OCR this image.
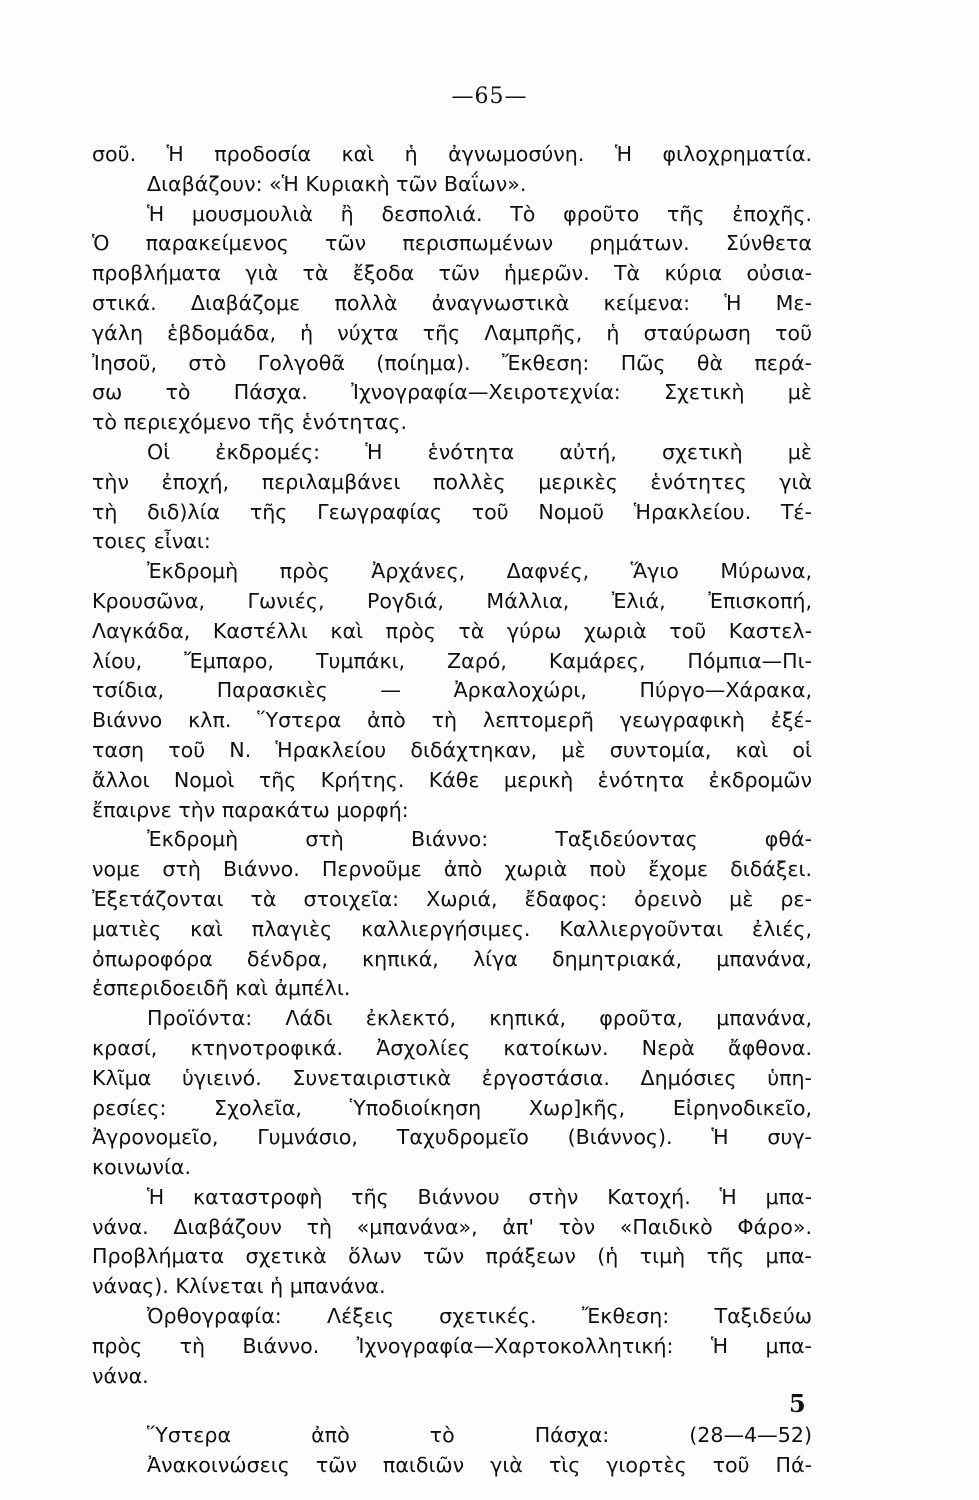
—65—
σοῦ. Ἡ προδοσία καὶ ἡ ἀγνωμοσύνη. Ἡ φιλοχρηματία.
Διαβάζουν: «Ἡ Κυριακὴ τῶν Βαΐων».
Ἡ μουσμουλιὰ ἢ δεσπολιά. Τὸ φροῦτο τῆς ἐποχῆς.
Ὁ παρακείμενος τῶν περισπωμένων ρημάτων. Σύνθετα
προβλήματα γιὰ τὰ ἔξοδα τῶν ἡμερῶν. Τὰ κύρια οὐσια-
στικά. Διαβάζομε πολλὰ ἀναγνωστικὰ κείμενα: Ἡ Με-
γάλη ἑβδομάδα, ἡ νύχτα τῆς Λαμπρῆς, ἡ σταύρωση τοῦ
Ἰησοῦ, στὸ Γολγοθᾶ (ποίημα). Ἔκθεση: Πῶς θὰ περά-
σω τὸ Πάσχα. Ἰχνογραφία—Χειροτεχνία: Σχετικὴ μὲ
τὸ περιεχόμενο τῆς ἑνότητας.
Οἱ ἐκδρομές: Ἡ ἑνότητα αὐτή, σχετικὴ μὲ
τὴν ἐποχή, περιλαμβάνει πολλὲς μερικὲς ἑνότητες γιὰ
τὴ διδ)λία τῆς Γεωγραφίας τοῦ Νομοῦ Ἡρακλείου. Τέ-
τοιες εἶναι:
Ἐκδρομὴ πρὸς Ἀρχάνες, Δαφνές, Ἅγιο Μύρωνα,
Κρουσῶνα, Γωνιές, Ρογδιά, Μάλλια, Ἐλιά, Ἐπισκοπή,
Λαγκάδα, Καστέλλι καὶ πρὸς τὰ γύρω χωριὰ τοῦ Καστελ-
λίου, Ἔμπαρο, Τυμπάκι, Ζαρό, Καμάρες, Πόμπια—Πι-
τσίδια, Παρασκιὲς — Ἀρκαλοχώρι, Πύργο—Χάρακα,
Βιάννο κλπ. Ὕστερα ἀπὸ τὴ λεπτομερῆ γεωγραφικὴ ἐξέ-
ταση τοῦ Ν. Ἡρακλείου διδάχτηκαν, μὲ συντομία, καὶ οἱ
ἄλλοι Νομοὶ τῆς Κρήτης. Κάθε μερικὴ ἑνότητα ἐκδρομῶν
ἔπαιρνε τὴν παρακάτω μορφή:
Ἐκδρομὴ στὴ Βιάννο: Ταξιδεύοντας φθά-
νομε στὴ Βιάννο. Περνοῦμε ἀπὸ χωριὰ ποὺ ἔχομε διδάξει.
Ἐξετάζονται τὰ στοιχεῖα: Χωριά, ἔδαφος: ὀρεινὸ μὲ ρε-
ματιὲς καὶ πλαγιὲς καλλιεργήσιμες. Καλλιεργοῦνται ἐλιές,
ὀπωροφόρα δένδρα, κηπικά, λίγα δημητριακά, μπανάνα,
ἐσπεριδοειδῆ καὶ ἀμπέλι.
Προϊόντα: Λάδι ἐκλεκτό, κηπικά, φροῦτα, μπανάνα,
κρασί, κτηνοτροφικά. Ἀσχολίες κατοίκων. Νερὰ ἄφθονα.
Κλῖμα ὑγιεινό. Συνεταιριστικὰ ἐργοστάσια. Δημόσιες ὑπη-
ρεσίες: Σχολεῖα, Ὑποδιοίκηση Χωρ]κῆς, Εἰρηνοδικεῖο,
Ἀγρονομεῖο, Γυμνάσιο, Ταχυδρομεῖο (Βιάννος). Ἡ συγ-
κοινωνία.
Ἡ καταστροφὴ τῆς Βιάννου στὴν Κατοχή. Ἡ μπα-
νάνα. Διαβάζουν τὴ «μπανάνα», ἀπ' τὸν «Παιδικὸ Φάρο».
Προβλήματα σχετικὰ ὅλων τῶν πράξεων (ἡ τιμὴ τῆς μπα-
νάνας). Κλίνεται ἡ μπανάνα.
Ὀρθογραφία: Λέξεις σχετικές. Ἔκθεση: Ταξιδεύω
πρὸς τὴ Βιάννο. Ἰχνογραφία—Χαρτοκολλητική: Ἡ μπα-
νάνα.
Ὕστερα ἀπὸ τὸ Πάσχα: (28—4—52)
Ἀνακοινώσεις τῶν παιδιῶν γιὰ τὶς γιορτὲς τοῦ Πά-
5
